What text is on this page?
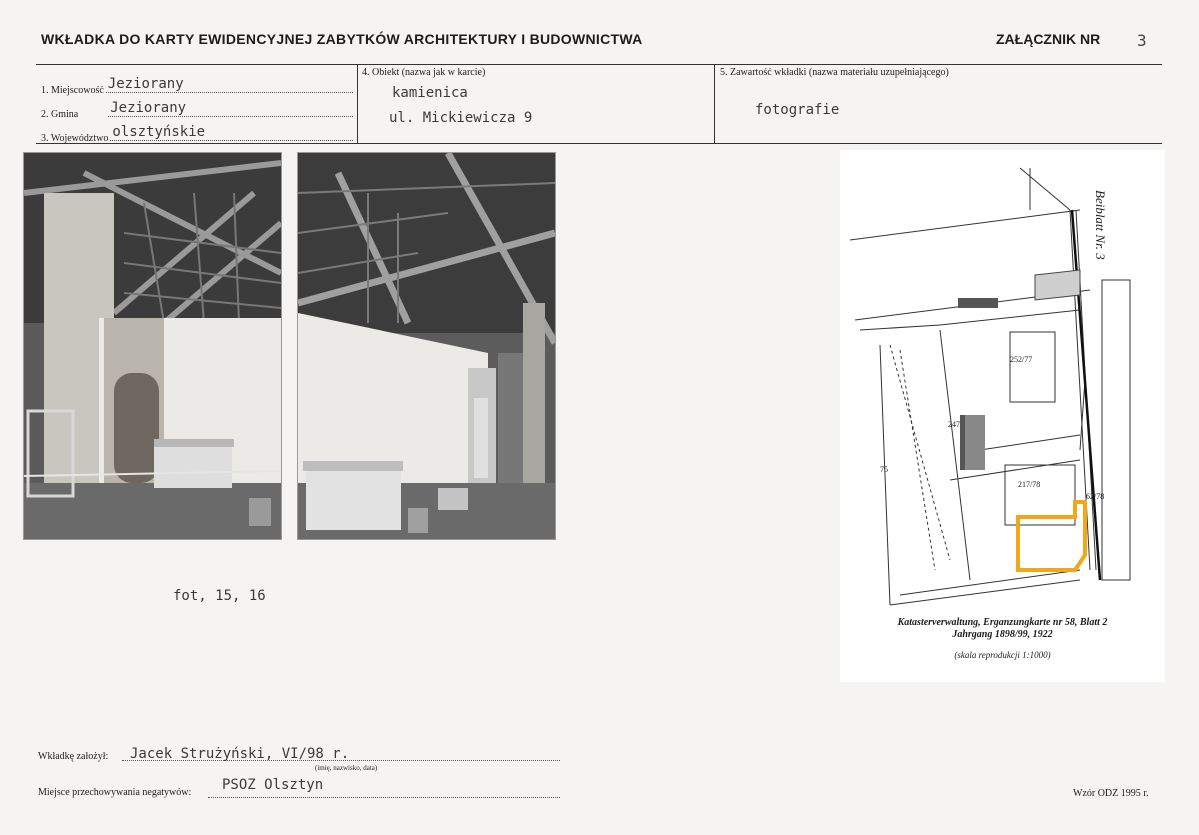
WKŁADKA DO KARTY EWIDENCYJNEJ ZABYTKÓW ARCHITEKTURY I BUDOWNICTWA	ZAŁĄCZNIK NR 3
1. Miejscowość Jeziorany
2. Gmina Jeziorany
3. Województwo olsztyńskie
4. Obiekt (nazwa jak w karcie)
kamienica
ul. Mickiewicza 9
5. Zawartość wkładki (nazwa materiału uzupełniającego)
fotografie
fot, 15, 16
Beiblatt Nr. 3
252/77
217/78
247
62/78
75
Katasterverwaltung, Erganzungkarte nr 58, Blatt 2
Jahrgang 1898/99, 1922
(skala reprodukcji 1:1000)
Wkładkę założył: Jacek Strużyński, VI/98 r.
(imię, nazwisko, data)
Miejsce przechowywania negatywów: PSOZ Olsztyn
Wzór ODZ 1995 r.
